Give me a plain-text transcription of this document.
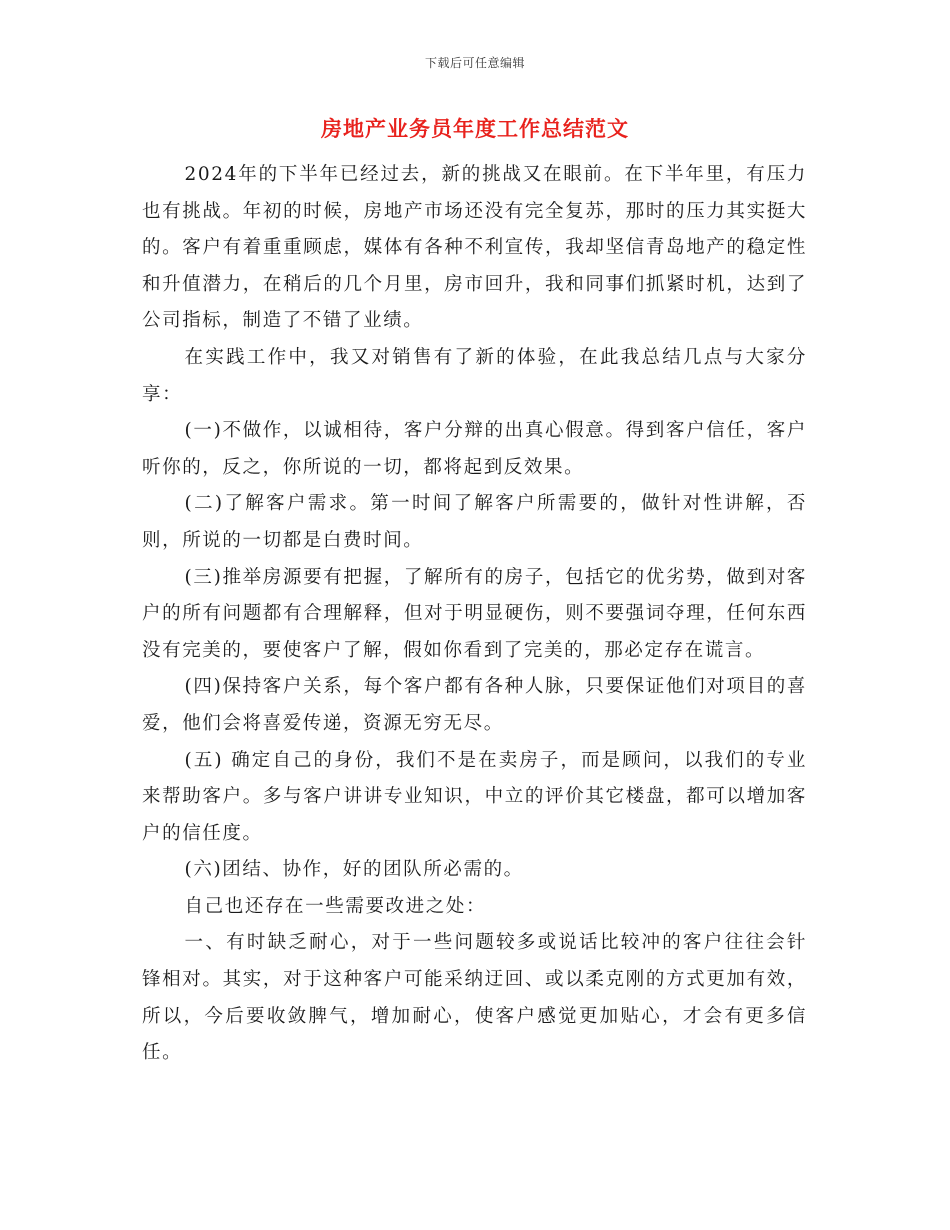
下载后可任意编辑
房地产业务员年度工作总结范文

2024年的下半年已经过去，新的挑战又在眼前。在下半年里，有压力也有挑战。年初的时候，房地产市场还没有完全复苏，那时的压力其实挺大的。客户有着重重顾虑，媒体有各种不利宣传，我却坚信青岛地产的稳定性和升值潜力，在稍后的几个月里，房市回升，我和同事们抓紧时机，达到了公司指标，制造了不错了业绩。

在实践工作中，我又对销售有了新的体验，在此我总结几点与大家分享：

(一)不做作，以诚相待，客户分辩的出真心假意。得到客户信任，客户听你的，反之，你所说的一切，都将起到反效果。

(二)了解客户需求。第一时间了解客户所需要的，做针对性讲解，否则，所说的一切都是白费时间。

(三)推举房源要有把握，了解所有的房子，包括它的优劣势，做到对客户的所有问题都有合理解释，但对于明显硬伤，则不要强词夺理，任何东西没有完美的，要使客户了解，假如你看到了完美的，那必定存在谎言。

(四)保持客户关系，每个客户都有各种人脉，只要保证他们对项目的喜爱，他们会将喜爱传递，资源无穷无尽。

(五) 确定自己的身份，我们不是在卖房子，而是顾问，以我们的专业来帮助客户。多与客户讲讲专业知识，中立的评价其它楼盘，都可以增加客户的信任度。

(六)团结、协作，好的团队所必需的。

自己也还存在一些需要改进之处：

一、有时缺乏耐心，对于一些问题较多或说话比较冲的客户往往会针锋相对。其实，对于这种客户可能采纳迂回、或以柔克刚的方式更加有效，所以，今后要收敛脾气，增加耐心，使客户感觉更加贴心，才会有更多信任。
